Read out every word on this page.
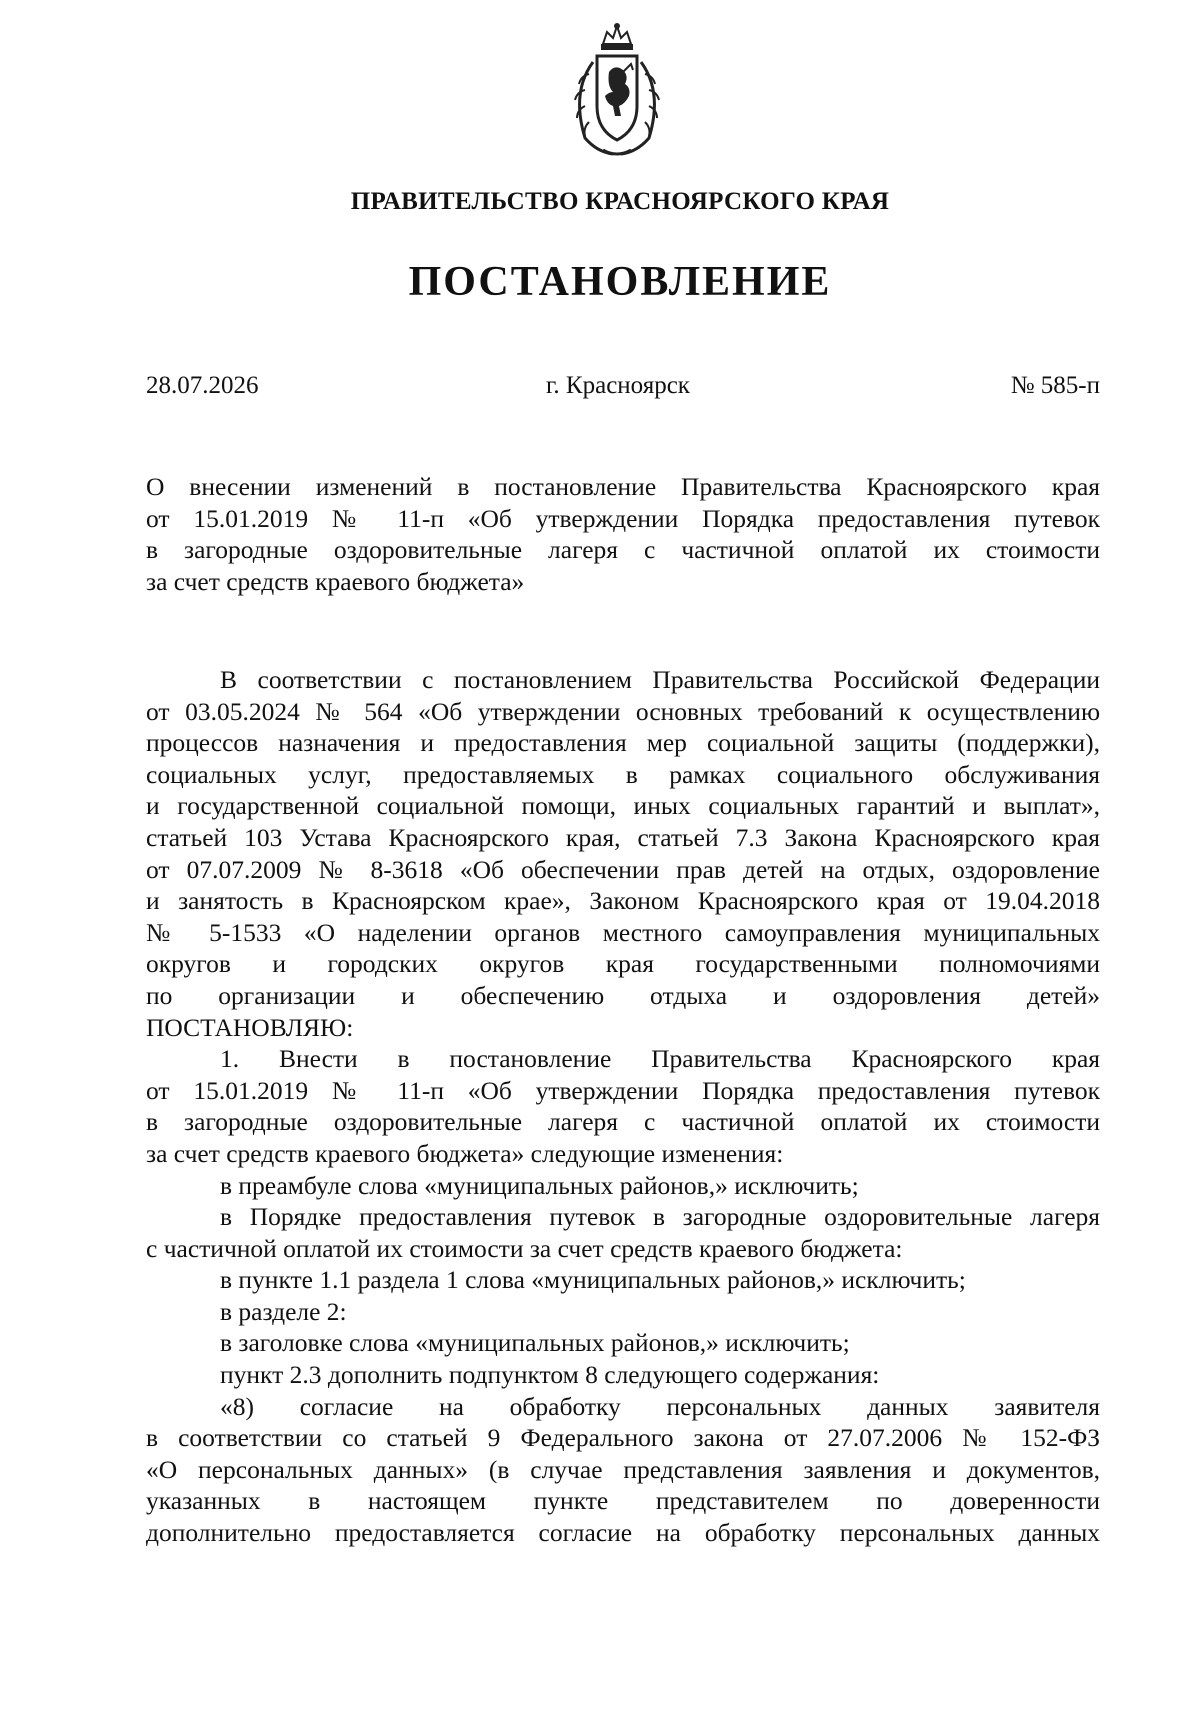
ПРАВИТЕЛЬСТВО КРАСНОЯРСКОГО КРАЯ
ПОСТАНОВЛЕНИЕ
28.07.2026	г. Красноярск	№ 585-п
О внесении изменений в постановление Правительства Красноярского края
от 15.01.2019 № 11-п «Об утверждении Порядка предоставления путевок
в загородные оздоровительные лагеря с частичной оплатой их стоимости
за счет средств краевого бюджета»
В соответствии с постановлением Правительства Российской Федерации
от 03.05.2024 № 564 «Об утверждении основных требований к осуществлению
процессов назначения и предоставления мер социальной защиты (поддержки),
социальных услуг, предоставляемых в рамках социального обслуживания
и государственной социальной помощи, иных социальных гарантий и выплат»,
статьей 103 Устава Красноярского края, статьей 7.3 Закона Красноярского края
от 07.07.2009 № 8-3618 «Об обеспечении прав детей на отдых, оздоровление
и занятость в Красноярском крае», Законом Красноярского края от 19.04.2018
№ 5-1533 «О наделении органов местного самоуправления муниципальных
округов и городских округов края государственными полномочиями
по организации и обеспечению отдыха и оздоровления детей»
ПОСТАНОВЛЯЮ:
1. Внести в постановление Правительства Красноярского края
от 15.01.2019 № 11-п «Об утверждении Порядка предоставления путевок
в загородные оздоровительные лагеря с частичной оплатой их стоимости
за счет средств краевого бюджета» следующие изменения:
в преамбуле слова «муниципальных районов,» исключить;
в Порядке предоставления путевок в загородные оздоровительные лагеря
с частичной оплатой их стоимости за счет средств краевого бюджета:
в пункте 1.1 раздела 1 слова «муниципальных районов,» исключить;
в разделе 2:
в заголовке слова «муниципальных районов,» исключить;
пункт 2.3 дополнить подпунктом 8 следующего содержания:
«8) согласие на обработку персональных данных заявителя
в соответствии со статьей 9 Федерального закона от 27.07.2006 № 152-ФЗ
«О персональных данных» (в случае представления заявления и документов,
указанных в настоящем пункте представителем по доверенности
дополнительно предоставляется согласие на обработку персональных данных
